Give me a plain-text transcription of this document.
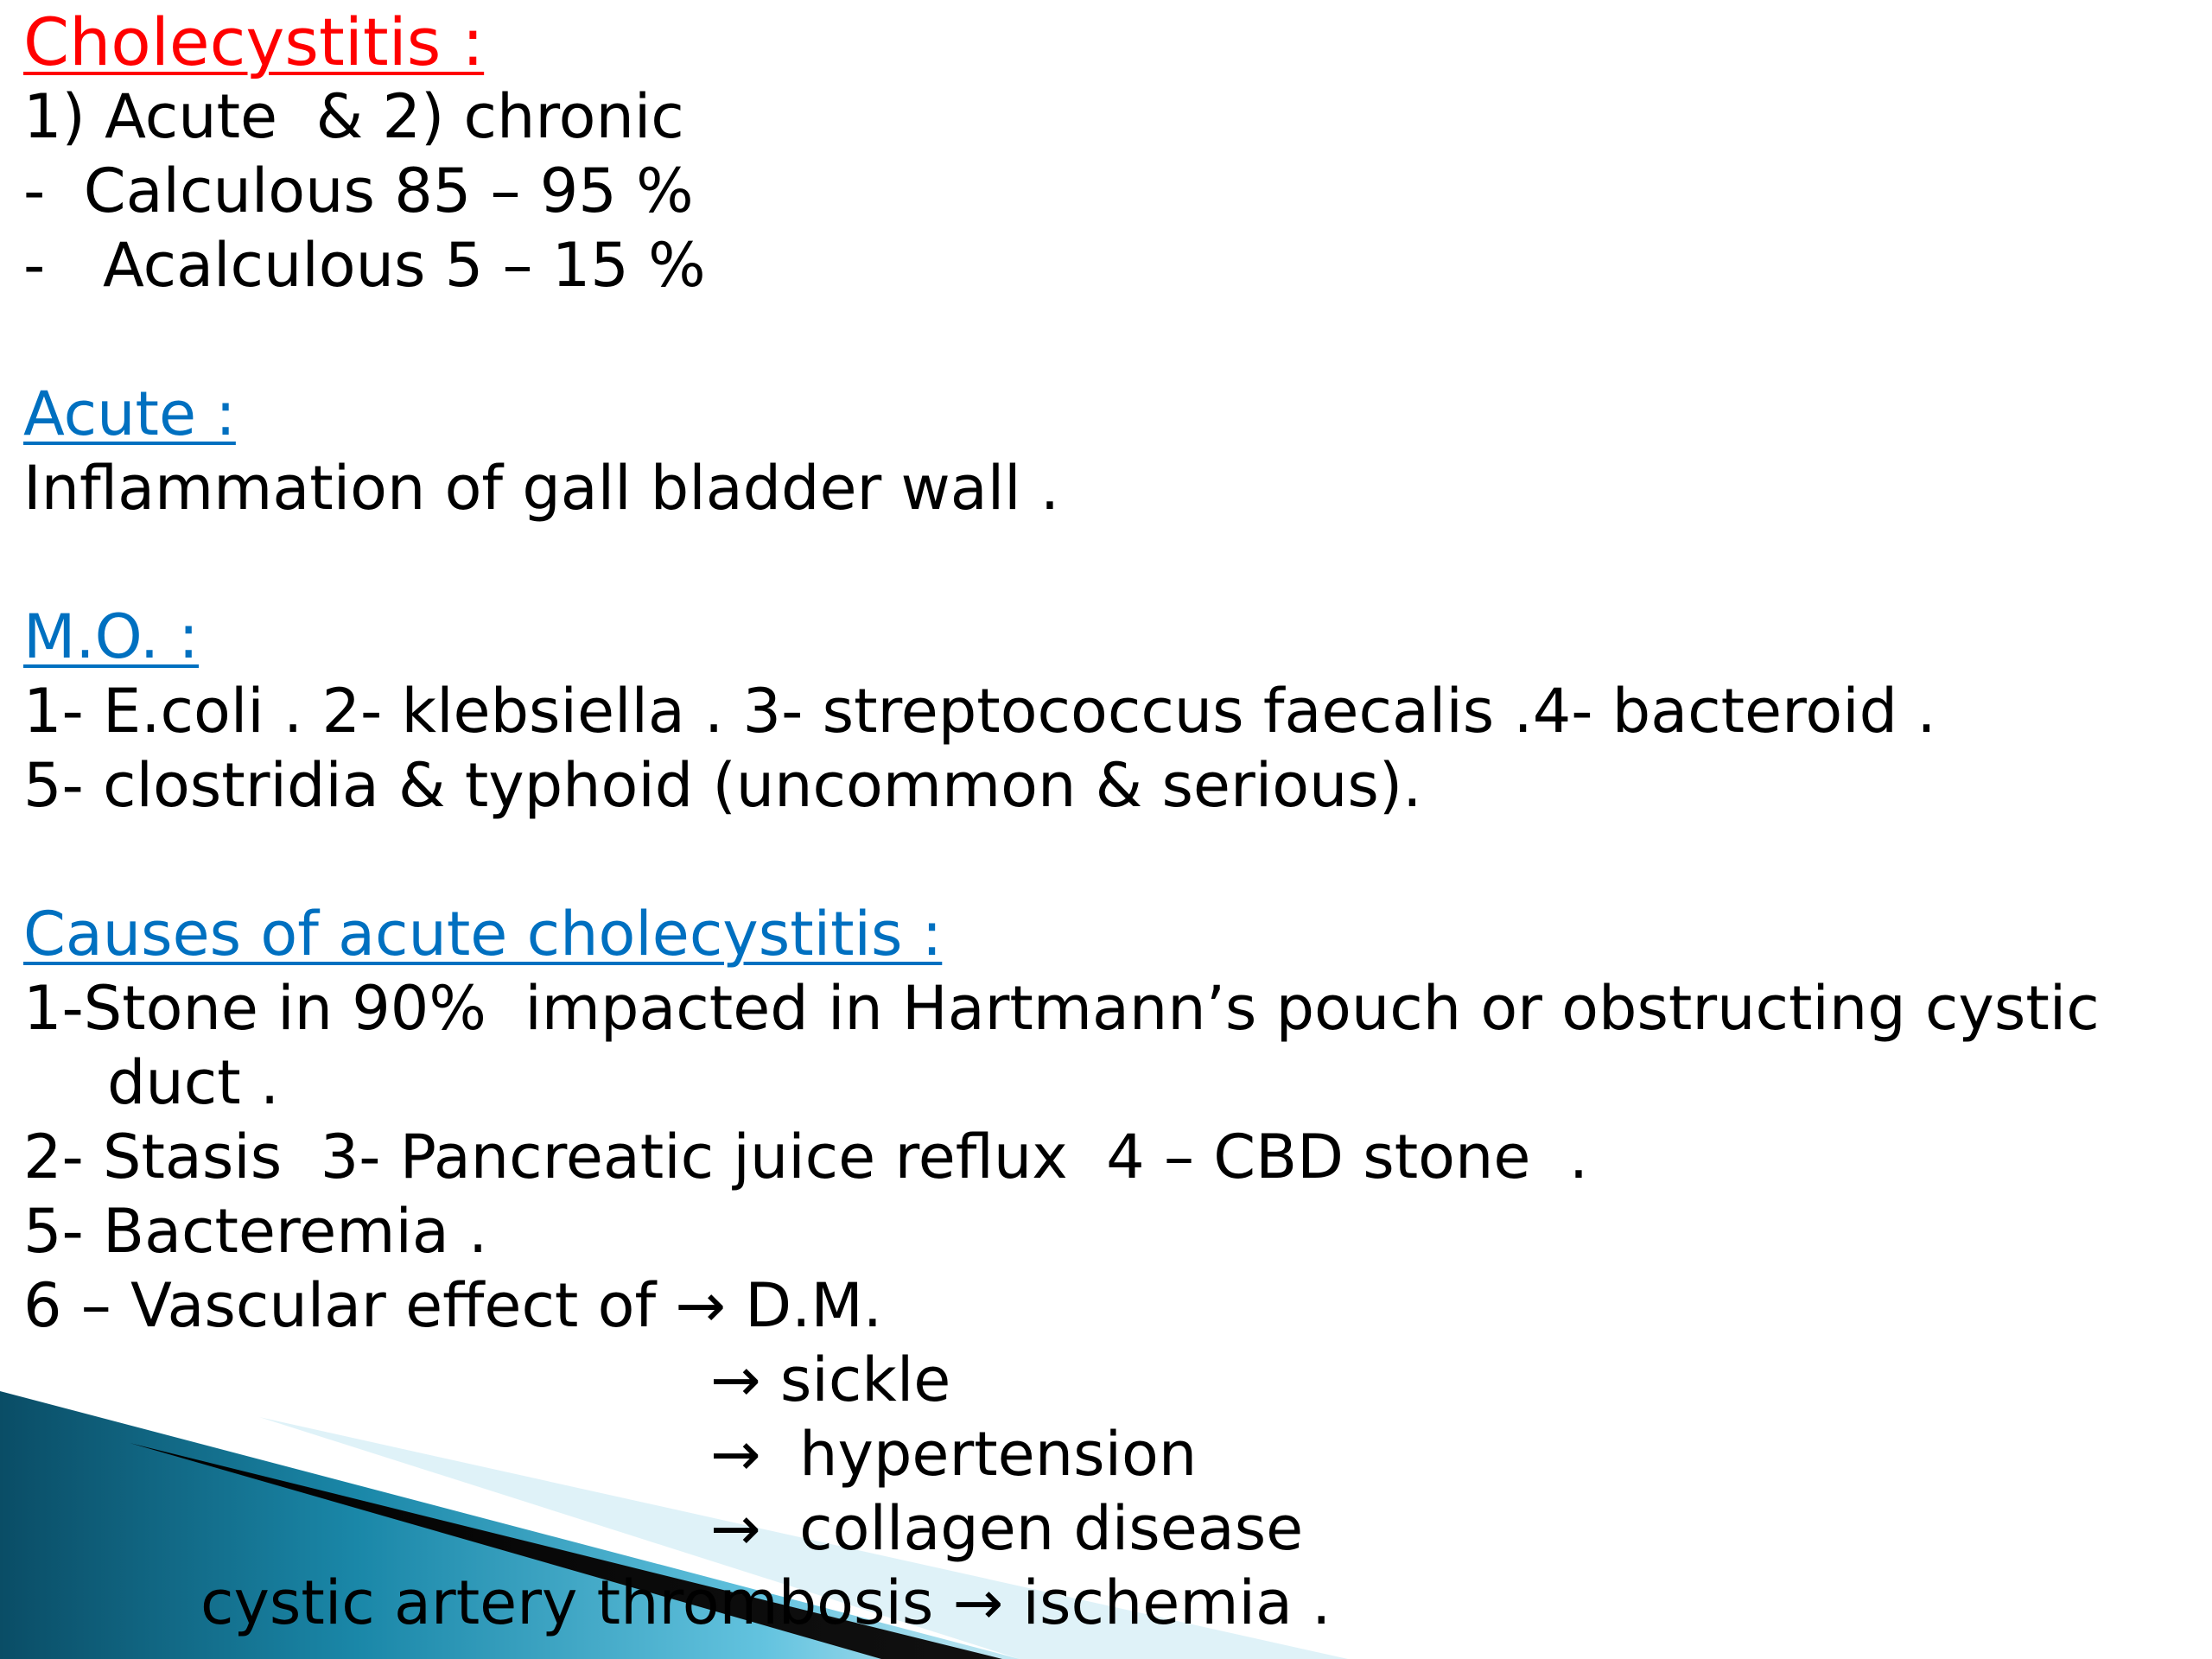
Cholecystitis :
1) Acute  & 2) chronic
-  Calculous 85 – 95 %
-   Acalculous 5 – 15 %
Acute :
Inflammation of gall bladder wall .
M.O. :
1- E.coli . 2- klebsiella . 3- streptococcus faecalis .4- bacteroid .
5- clostridia & typhoid (uncommon & serious).
Causes of acute cholecystitis :
1-Stone in 90%  impacted in Hartmann’s pouch or obstructing cystic
duct .
2- Stasis  3- Pancreatic juice reflux  4 – CBD stone  .
5- Bacteremia .
6 – Vascular effect of → D.M.
→ sickle
→  hypertension
→  collagen disease
cystic artery thrombosis → ischemia .
